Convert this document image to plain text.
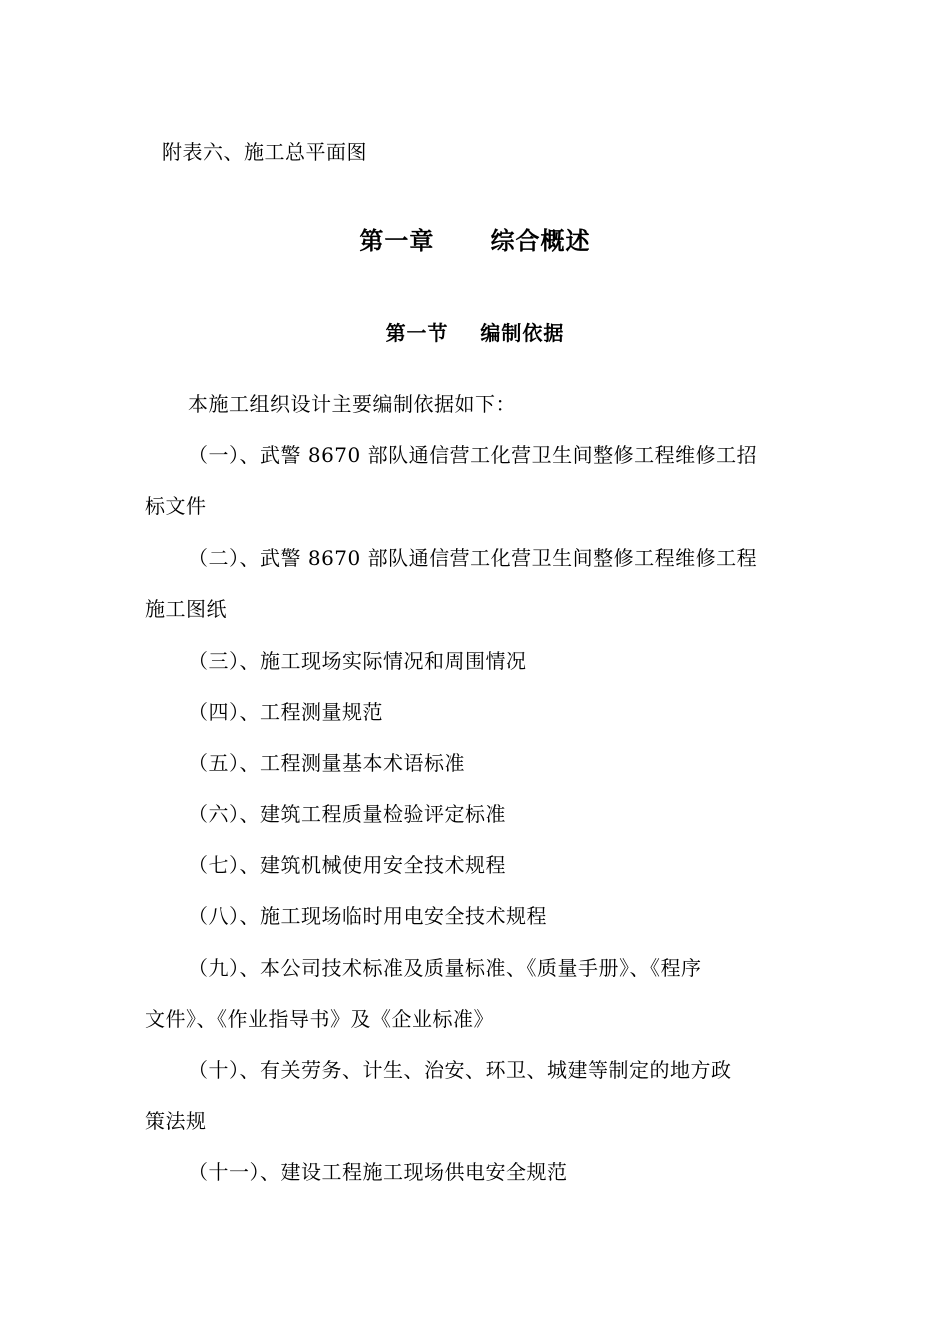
附表六、施工总平面图
第一章      综合概述
第一节    编制依据
本施工组织设计主要编制依据如下：
（一）、武警 8670 部队通信营工化营卫生间整修工程维修工招
标文件
（二）、武警 8670 部队通信营工化营卫生间整修工程维修工程
施工图纸
（三）、施工现场实际情况和周围情况
（四）、工程测量规范
（五）、工程测量基本术语标准
（六）、建筑工程质量检验评定标准
（七）、建筑机械使用安全技术规程
（八）、施工现场临时用电安全技术规程
（九）、本公司技术标准及质量标准、《质量手册》、《程序
文件》、《作业指导书》及《企业标准》
（十）、有关劳务、计生、治安、环卫、城建等制定的地方政
策法规
（十一）、建设工程施工现场供电安全规范
